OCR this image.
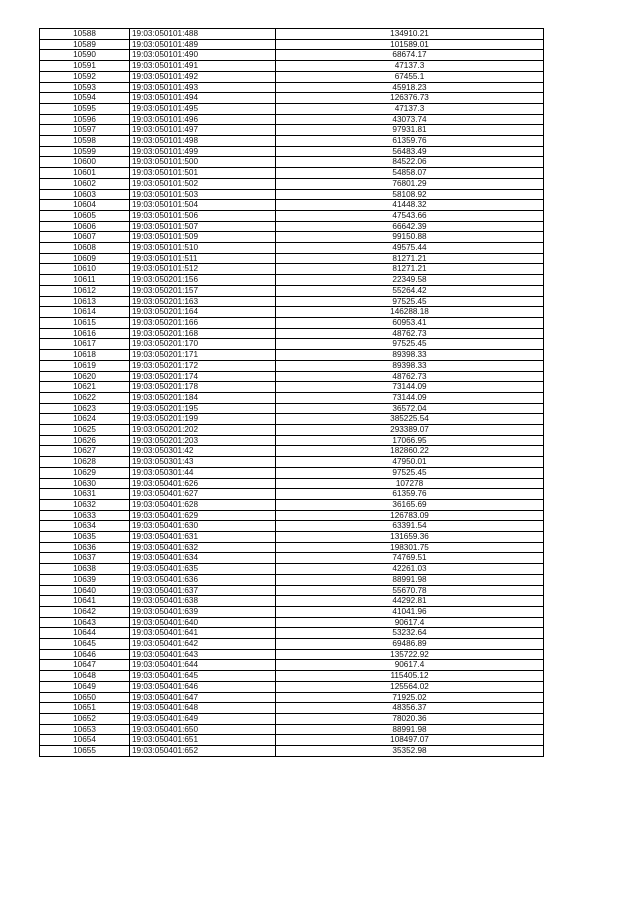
10588	19:03:050101:488	134910.21
10589	19:03:050101:489	101589.01
10590	19:03:050101:490	68674.17
10591	19:03:050101:491	47137.3
10592	19:03:050101:492	67455.1
10593	19:03:050101:493	45918.23
10594	19:03:050101:494	126376.73
10595	19:03:050101:495	47137.3
10596	19:03:050101:496	43073.74
10597	19:03:050101:497	97931.81
10598	19:03:050101:498	61359.76
10599	19:03:050101:499	56483.49
10600	19:03:050101:500	84522.06
10601	19:03:050101:501	54858.07
10602	19:03:050101:502	76801.29
10603	19:03:050101:503	58108.92
10604	19:03:050101:504	41448.32
10605	19:03:050101:506	47543.66
10606	19:03:050101:507	66642.39
10607	19:03:050101:509	99150.88
10608	19:03:050101:510	49575.44
10609	19:03:050101:511	81271.21
10610	19:03:050101:512	81271.21
10611	19:03:050201:156	22349.58
10612	19:03:050201:157	55264.42
10613	19:03:050201:163	97525.45
10614	19:03:050201:164	146288.18
10615	19:03:050201:166	60953.41
10616	19:03:050201:168	48762.73
10617	19:03:050201:170	97525.45
10618	19:03:050201:171	89398.33
10619	19:03:050201:172	89398.33
10620	19:03:050201:174	48762.73
10621	19:03:050201:178	73144.09
10622	19:03:050201:184	73144.09
10623	19:03:050201:195	36572.04
10624	19:03:050201:199	385225.54
10625	19:03:050201:202	293389.07
10626	19:03:050201:203	17066.95
10627	19:03:050301:42	182860.22
10628	19:03:050301:43	47950.01
10629	19:03:050301:44	97525.45
10630	19:03:050401:626	107278
10631	19:03:050401:627	61359.76
10632	19:03:050401:628	36165.69
10633	19:03:050401:629	126783.09
10634	19:03:050401:630	63391.54
10635	19:03:050401:631	131659.36
10636	19:03:050401:632	198301.75
10637	19:03:050401:634	74769.51
10638	19:03:050401:635	42261.03
10639	19:03:050401:636	88991.98
10640	19:03:050401:637	55670.78
10641	19:03:050401:638	44292.81
10642	19:03:050401:639	41041.96
10643	19:03:050401:640	90617.4
10644	19:03:050401:641	53232.64
10645	19:03:050401:642	69486.89
10646	19:03:050401:643	135722.92
10647	19:03:050401:644	90617.4
10648	19:03:050401:645	115405.12
10649	19:03:050401:646	125564.02
10650	19:03:050401:647	71925.02
10651	19:03:050401:648	48356.37
10652	19:03:050401:649	78020.36
10653	19:03:050401:650	88991.98
10654	19:03:050401:651	108497.07
10655	19:03:050401:652	35352.98
